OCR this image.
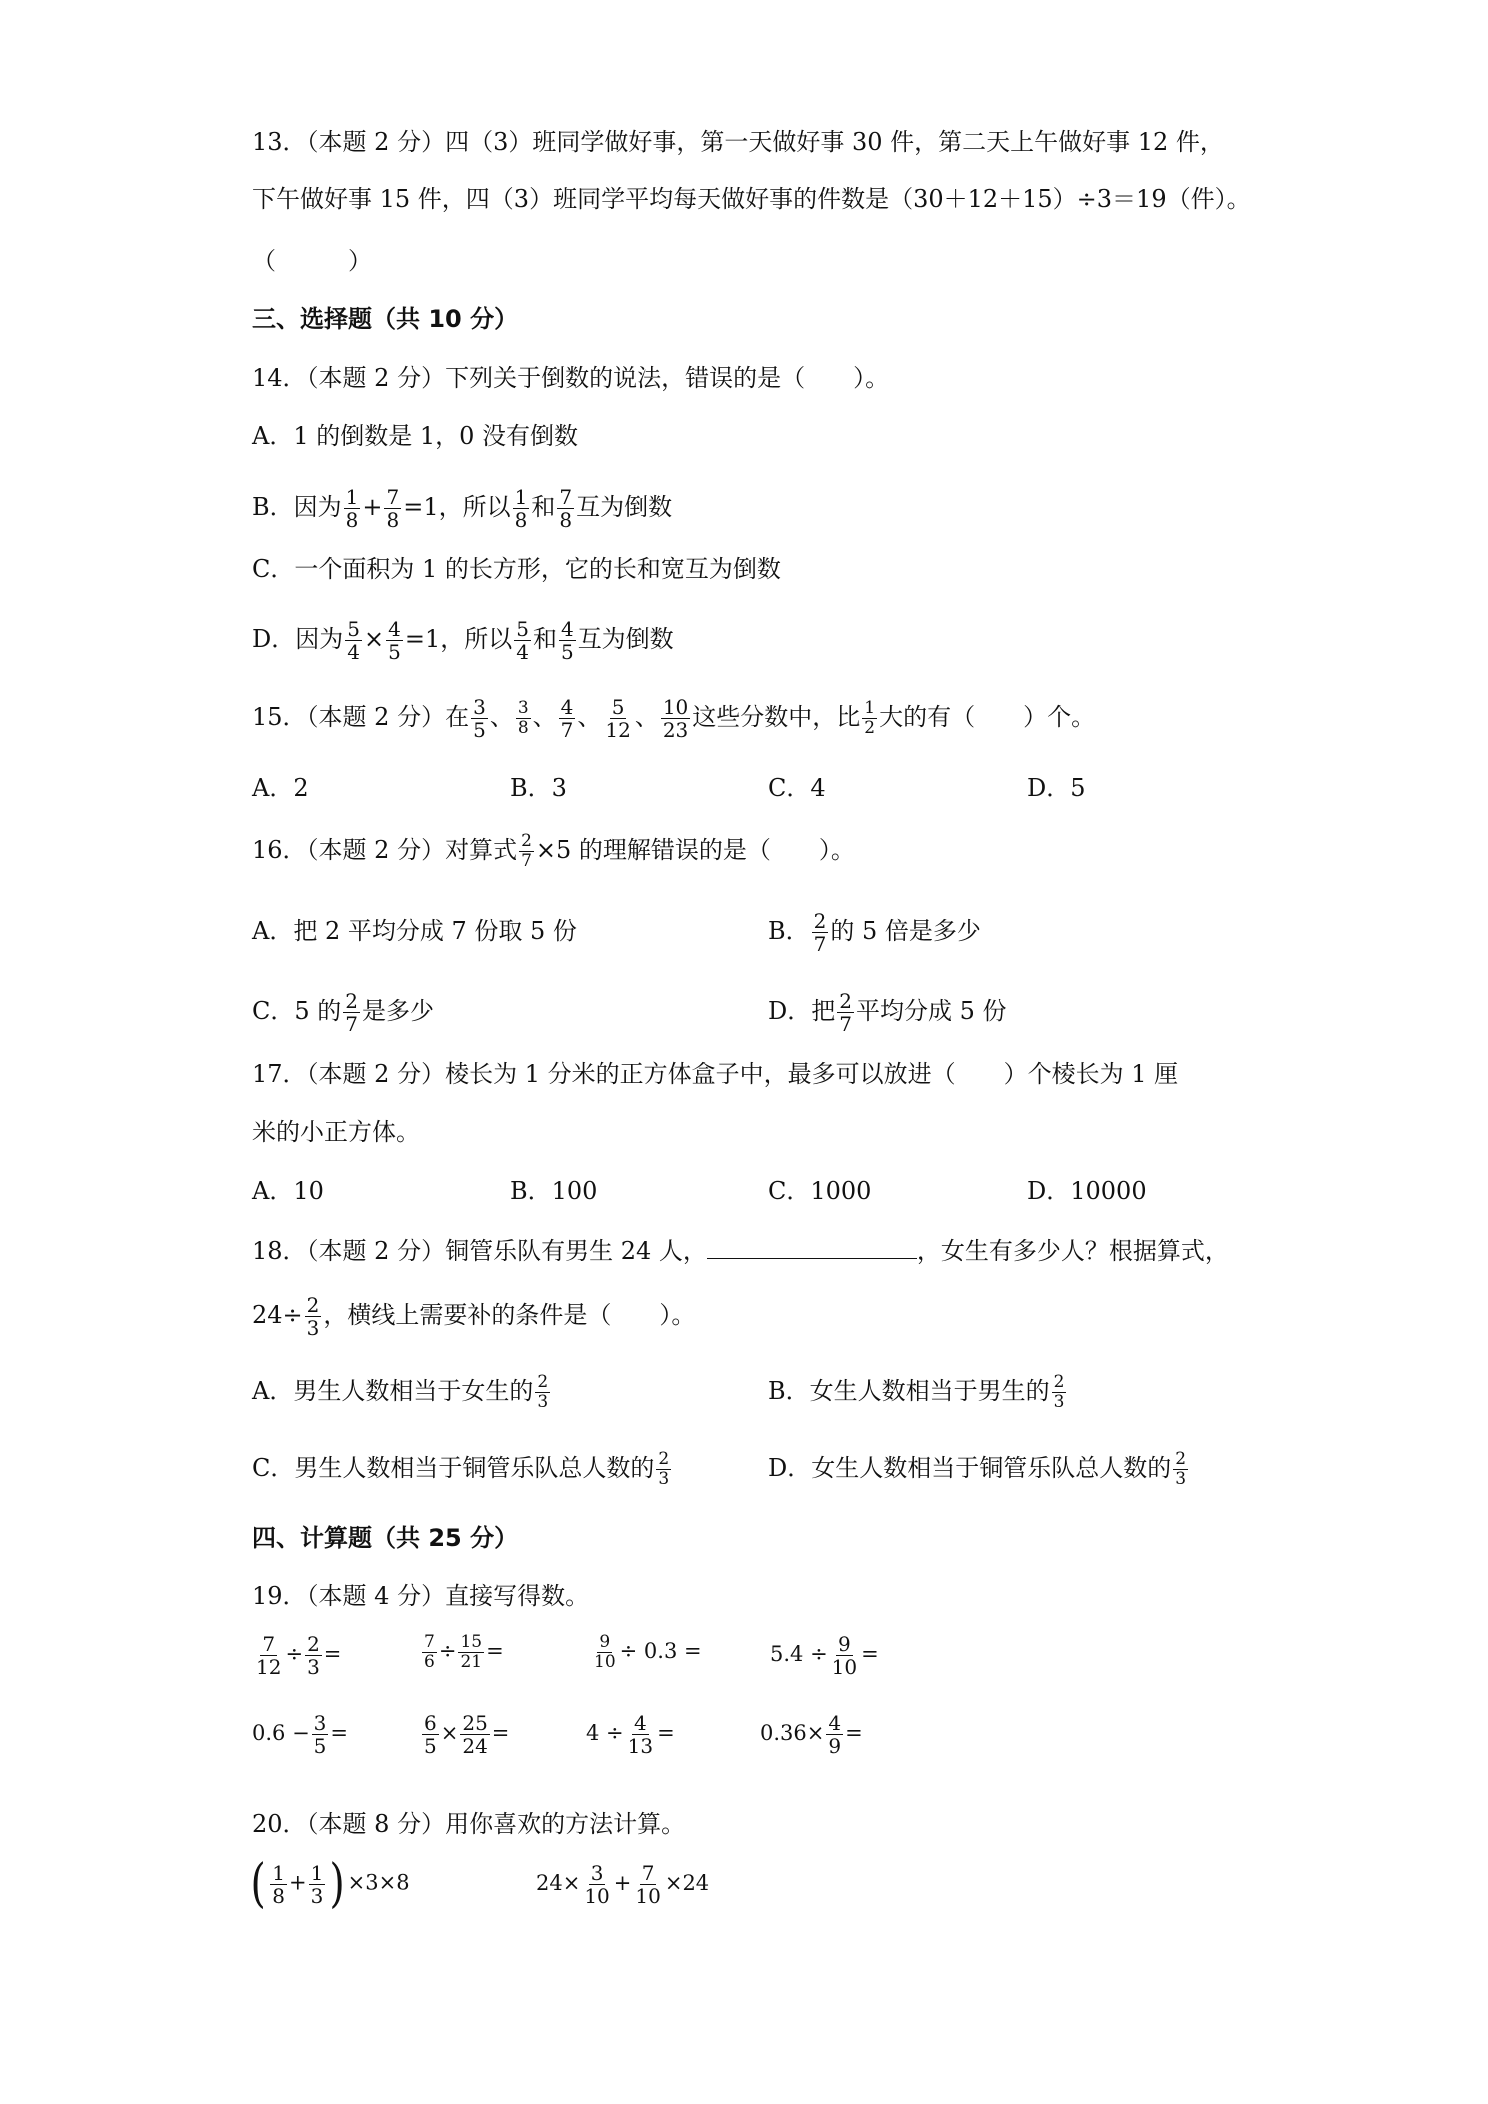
13．（本题 2 分）四（3）班同学做好事，第一天做好事 30 件，第二天上午做好事 12 件，
下午做好事 15 件，四（3）班同学平均每天做好事的件数是（30＋12＋15）÷3＝19（件）。
（　　　）
三、选择题（共 10 分）
14．（本题 2 分）下列关于倒数的说法，错误的是（　　）。
A．1 的倒数是 1，0 没有倒数
B．因为 $\frac{1}{8} + \frac{7}{8} =1$，所以 $\frac{1}{8}$ 和 $\frac{7}{8}$ 互为倒数
C．一个面积为 1 的长方形，它的长和宽互为倒数
D．因为 $\frac{5}{4} \times \frac{4}{5} =1$，所以 $\frac{5}{4}$ 和 $\frac{4}{5}$ 互为倒数
15．（本题 2 分）在 $\frac{3}{5}$ 、 $\frac{3}{8}$ 、 $\frac{4}{7}$ 、 $\frac{5}{12}$ 、 $\frac{10}{23}$ 这些分数中，比 $\frac{1}{2}$ 大的有（　　）个。
A．2	B．3	C．4	D．5
16．（本题 2 分）对算式 $\frac{2}{7} \times 5$ 的理解错误的是（　　）。
A．把 2 平均分成 7 份取 5 份	B． $\frac{2}{7}$ 的 5 倍是多少
C．5 的 $\frac{2}{7}$ 是多少	D．把 $\frac{2}{7}$ 平均分成 5 份
17．（本题 2 分）棱长为 1 分米的正方体盒子中，最多可以放进（　　）个棱长为 1 厘
米的小正方体。
A．10	B．100	C．1000	D．10000
18．（本题 2 分）铜管乐队有男生 24 人，	，女生有多少人？根据算式，
$24\div \frac{2}{3}$ ，横线上需要补的条件是（　　）。
A．男生人数相当于女生的 $\frac{2}{3}$	B．女生人数相当于男生的 $\frac{2}{3}$
C．男生人数相当于铜管乐队总人数的 $\frac{2}{3}$	D．女生人数相当于铜管乐队总人数的 $\frac{2}{3}$
四、计算题（共 25 分）
19．（本题 4 分）直接写得数。
$\frac{7}{12} \div \frac{2}{3}$ =	$\frac{7}{6} \div \frac{15}{21}$ =	$\frac{9}{10} \div 0.3$ =	$5.4 \div \frac{9}{10}$ =
$0.6 - \frac{3}{5}$ =	$\frac{6}{5} \times \frac{25}{24}$ =	$4 \div \frac{4}{13}$ =	$0.36\times \frac{4}{9}$ =
20．（本题 8 分）用你喜欢的方法计算。
( $\frac{1}{8} + \frac{1}{3}$ ) ×3×8	$24\times \frac{3}{10} + \frac{7}{10} \times 24$
